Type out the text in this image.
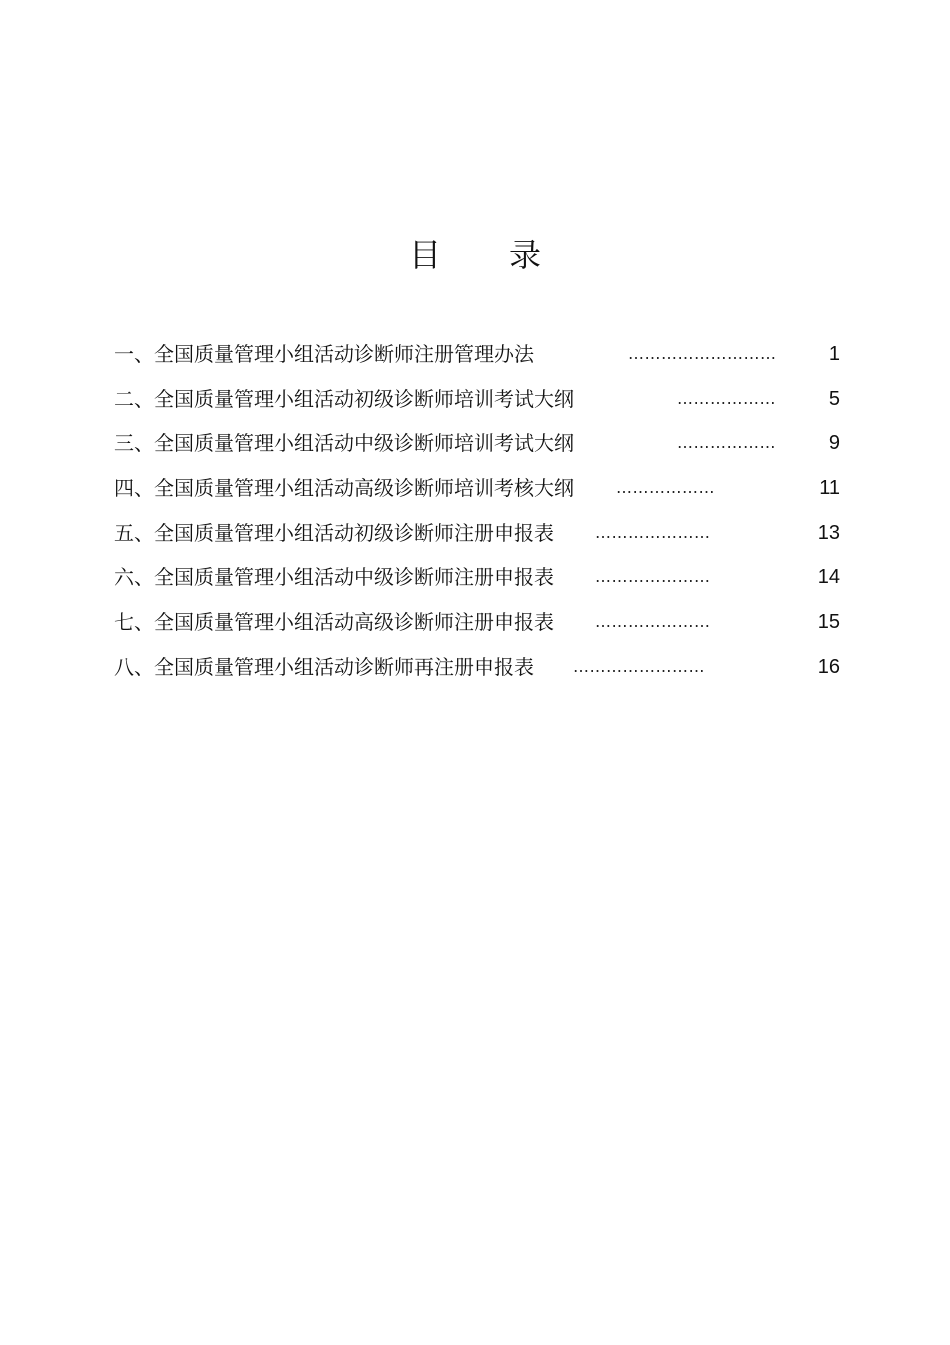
目 录
一、全国质量管理小组活动诊断师注册管理办法	………………………	1
二、全国质量管理小组活动初级诊断师培训考试大纲	………………	5
三、全国质量管理小组活动中级诊断师培训考试大纲	………………	9
四、全国质量管理小组活动高级诊断师培训考核大纲	………………	11
五、全国质量管理小组活动初级诊断师注册申报表	…………………	13
六、全国质量管理小组活动中级诊断师注册申报表	…………………	14
七、全国质量管理小组活动高级诊断师注册申报表	…………………	15
八、全国质量管理小组活动诊断师再注册申报表 ……………………	16
